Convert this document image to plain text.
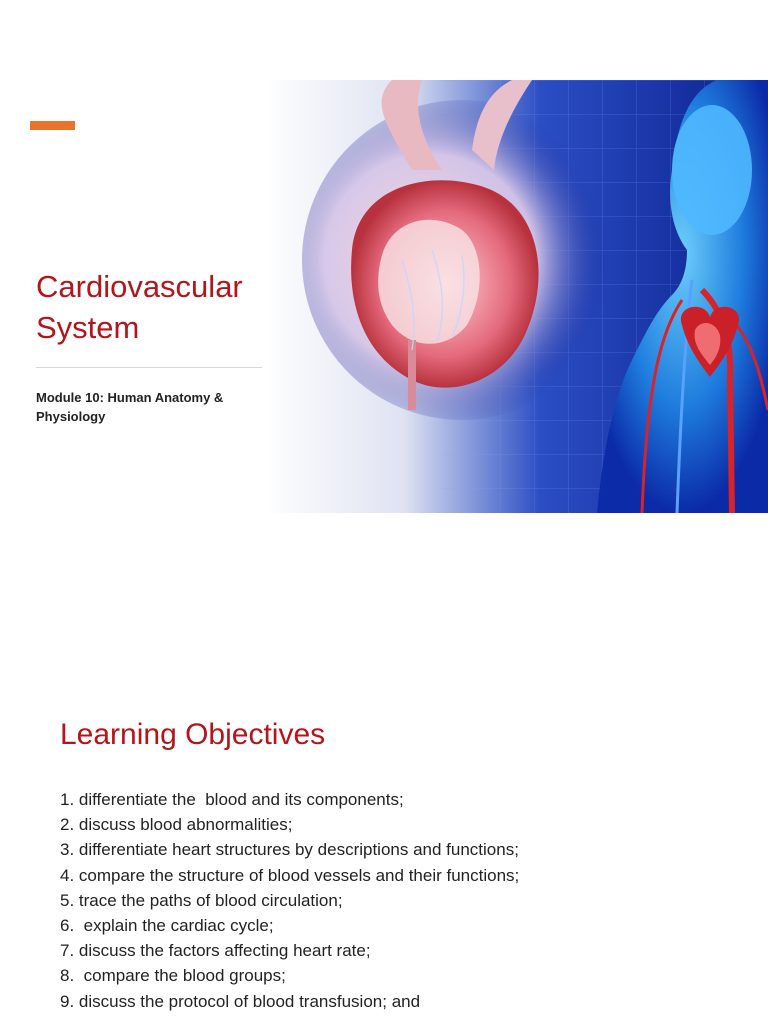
Cardiovascular
System
Module 10: Human Anatomy & Physiology
Learning Objectives
1. differentiate the  blood and its components;
2. discuss blood abnormalities;
3. differentiate heart structures by descriptions and functions;
4. compare the structure of blood vessels and their functions;
5. trace the paths of blood circulation;
6.  explain the cardiac cycle;
7. discuss the factors affecting heart rate;
8.  compare the blood groups;
9. discuss the protocol of blood transfusion; and
